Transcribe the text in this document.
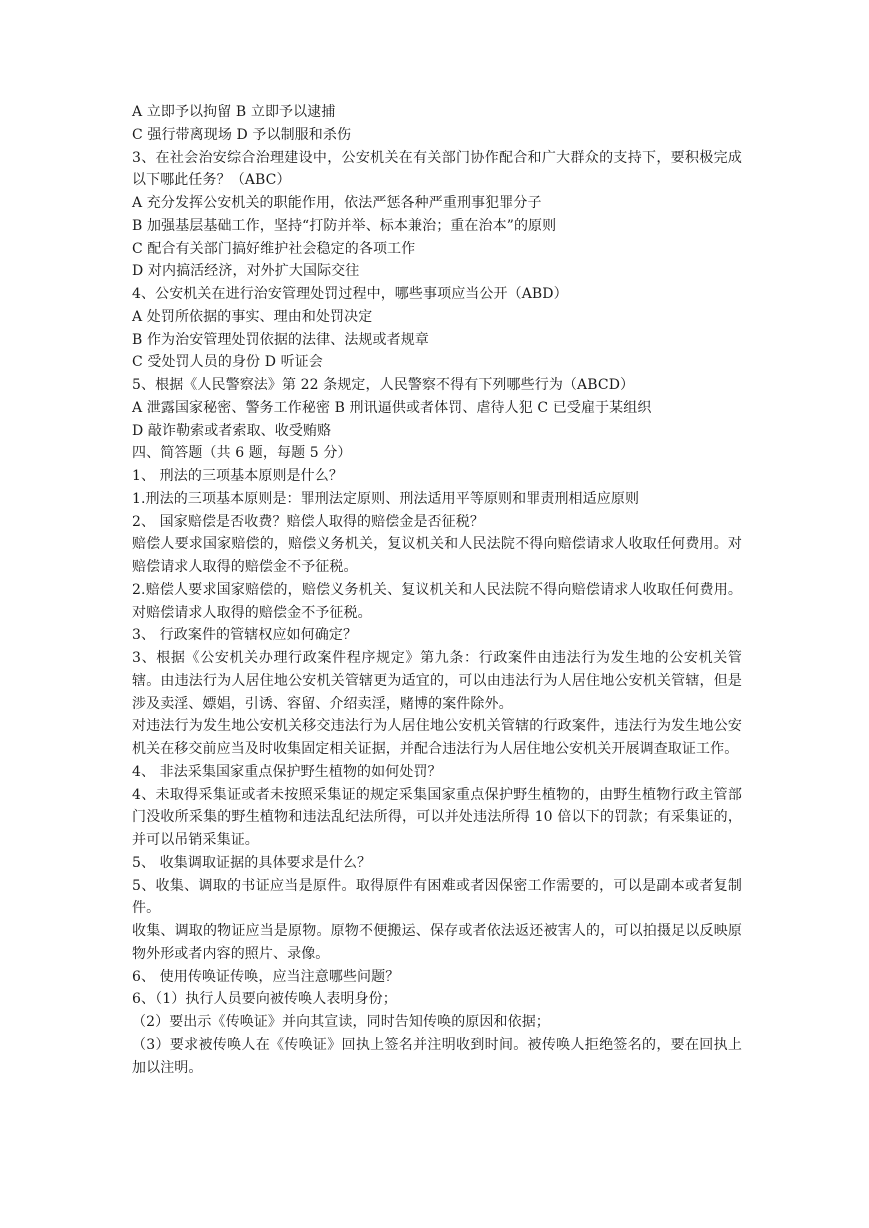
A 立即予以拘留 B 立即予以逮捕

C 强行带离现场 D 予以制服和杀伤

3、在社会治安综合治理建设中，公安机关在有关部门协作配合和广大群众的支持下，要积极完成以下哪此任务？（ABC）

A 充分发挥公安机关的职能作用，依法严惩各种严重刑事犯罪分子

B 加强基层基础工作，坚持“打防并举、标本兼治；重在治本”的原则

C 配合有关部门搞好维护社会稳定的各项工作

D 对内搞活经济，对外扩大国际交往

4、公安机关在进行治安管理处罚过程中，哪些事项应当公开（ABD）

A 处罚所依据的事实、理由和处罚决定

B 作为治安管理处罚依据的法律、法规或者规章

C 受处罚人员的身份 D 听证会

5、根据《人民警察法》第 22 条规定，人民警察不得有下列哪些行为（ABCD）

A 泄露国家秘密、警务工作秘密 B 刑讯逼供或者体罚、虐待人犯 C 已受雇于某组织

D 敲诈勒索或者索取、收受贿赂

四、简答题（共 6 题，每题 5 分）

1、 刑法的三项基本原则是什么？

1.刑法的三项基本原则是：罪刑法定原则、刑法适用平等原则和罪责刑相适应原则

2、 国家赔偿是否收费？赔偿人取得的赔偿金是否征税？

赔偿人要求国家赔偿的，赔偿义务机关，复议机关和人民法院不得向赔偿请求人收取任何费用。对赔偿请求人取得的赔偿金不予征税。

2.赔偿人要求国家赔偿的，赔偿义务机关、复议机关和人民法院不得向赔偿请求人收取任何费用。对赔偿请求人取得的赔偿金不予征税。

3、 行政案件的管辖权应如何确定？

3、根据《公安机关办理行政案件程序规定》第九条：行政案件由违法行为发生地的公安机关管辖。由违法行为人居住地公安机关管辖更为适宜的，可以由违法行为人居住地公安机关管辖，但是涉及卖淫、嫖娼，引诱、容留、介绍卖淫，赌博的案件除外。

对违法行为发生地公安机关移交违法行为人居住地公安机关管辖的行政案件，违法行为发生地公安机关在移交前应当及时收集固定相关证据，并配合违法行为人居住地公安机关开展调查取证工作。

4、 非法采集国家重点保护野生植物的如何处罚？

4、未取得采集证或者未按照采集证的规定采集国家重点保护野生植物的，由野生植物行政主管部门没收所采集的野生植物和违法乱纪法所得，可以并处违法所得 10 倍以下的罚款；有采集证的，并可以吊销采集证。

5、 收集调取证据的具体要求是什么？

5、收集、调取的书证应当是原件。取得原件有困难或者因保密工作需要的，可以是副本或者复制件。

收集、调取的物证应当是原物。原物不便搬运、保存或者依法返还被害人的，可以拍摄足以反映原物外形或者内容的照片、录像。

6、 使用传唤证传唤，应当注意哪些问题？

6、（1）执行人员要向被传唤人表明身份；

（2）要出示《传唤证》并向其宣读，同时告知传唤的原因和依据；

（3）要求被传唤人在《传唤证》回执上签名并注明收到时间。被传唤人拒绝签名的，要在回执上加以注明。
